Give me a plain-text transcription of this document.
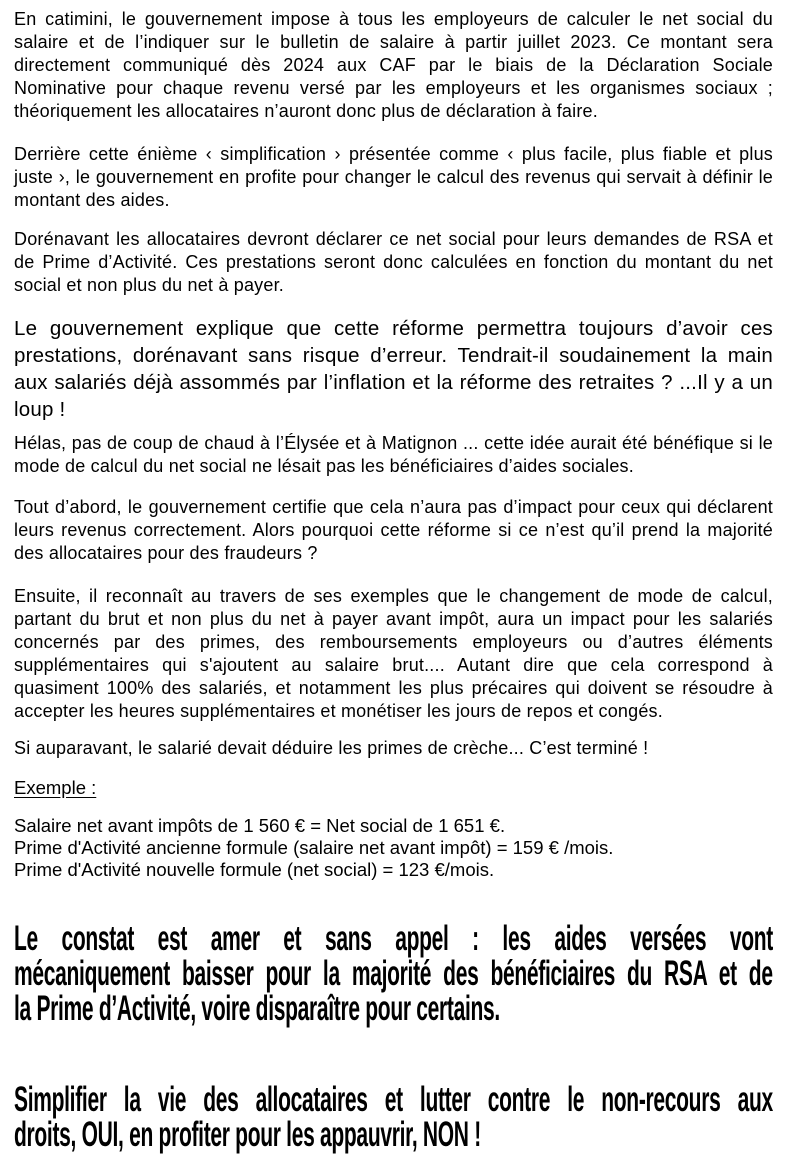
En catimini, le gouvernement impose à tous les employeurs de calculer le net social du salaire et de l’indiquer sur le bulletin de salaire à partir juillet 2023. Ce montant sera directement communiqué dès 2024 aux CAF par le biais de la Déclaration Sociale Nominative pour chaque revenu versé par les employeurs et les organismes sociaux ; théoriquement les allocataires n’auront donc plus de déclaration à faire.

Derrière cette énième ‹ simplification › présentée comme ‹ plus facile, plus fiable et plus juste ›, le gouvernement en profite pour changer le calcul des revenus qui servait à définir le montant des aides.

Dorénavant les allocataires devront déclarer ce net social pour leurs demandes de RSA et de Prime d’Activité. Ces prestations seront donc calculées en fonction du montant du net social et non plus du net à payer.

Le gouvernement explique que cette réforme permettra toujours d’avoir ces prestations, dorénavant sans risque d’erreur. Tendrait-il soudainement la main aux salariés déjà assommés par l’inflation et la réforme des retraites ? ...Il y a un loup !

Hélas, pas de coup de chaud à l’Élysée et à Matignon ... cette idée aurait été bénéfique si le mode de calcul du net social ne lésait pas les bénéficiaires d’aides sociales.

Tout d’abord, le gouvernement certifie que cela n’aura pas d’impact pour ceux qui déclarent leurs revenus correctement. Alors pourquoi cette réforme si ce n’est qu’il prend la majorité des allocataires pour des fraudeurs ?

Ensuite, il reconnaît au travers de ses exemples que le changement de mode de calcul, partant du brut et non plus du net à payer avant impôt, aura un impact pour les salariés concernés par des primes, des remboursements employeurs ou d’autres éléments supplémentaires qui s'ajoutent au salaire brut.... Autant dire que cela correspond à quasiment 100% des salariés, et notamment les plus précaires qui doivent se résoudre à accepter les heures supplémentaires et monétiser les jours de repos et congés.

Si auparavant, le salarié devait déduire les primes de crèche... C’est terminé !

Exemple :

Salaire net avant impôts de 1 560 € = Net social de 1 651 €.
Prime d'Activité ancienne formule (salaire net avant impôt) = 159 € /mois.
Prime d'Activité nouvelle formule (net social) = 123 €/mois.
Le constat est amer et sans appel : les aides versées vont
mécaniquement baisser pour la majorité des bénéficiaires du RSA et de
la Prime d’Activité, voire disparaître pour certains.
Simplifier la vie des allocataires et lutter contre le non-recours aux
droits, OUI, en profiter pour les appauvrir, NON !
